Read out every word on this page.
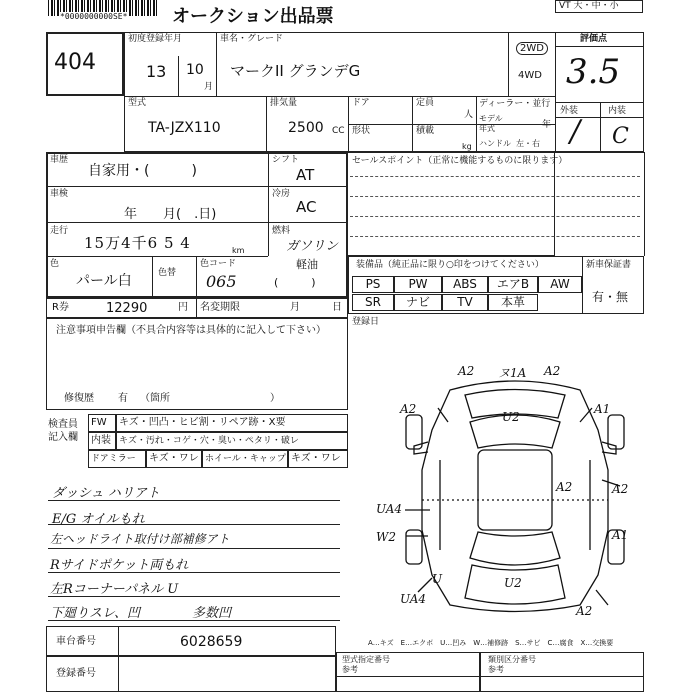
*0000000000SE* オークション出品票	VT 大・中・小
404
初度登録年月
13 10
月
車名・グレード
マークII グランデG
2WD
4WD
評価点
3.5
外装	内装
/ C
型式
TA-JZX110
排気量
2500 CC
ドア
形状
定員
人
積載
kg
ディーラー・並行
モデル年式	年
ハンドル 左・右
車歴
自家用・(　　　)
シフト
AT
車検
年　　月(　.日)
冷房
AC
走行
15万4千6 5 4	km
燃料
ガソリン
軽油
(　　　)
色
パール白	色替
色コード
065
R券	12290	円 名変期限	月	日
セールスポイント（正常に機能するものに限ります）
装備品（純正品に限り○印をつけてください）	新車保証書
PS	PW	ABS	エアB	AW
SR	ナビ	TV	本革	有・無
登録日
注意事項申告欄（不具合内容等は具体的に記入して下さい）
修復歴 有 （箇所　　　　　　　　　　）
検査員記入欄
FW	キズ・凹凸・ヒビ割・リペア跡・X要
内装 キズ・汚れ・コゲ・穴・臭い・ペタリ・破レ
ドアミラー	キズ・ワレ ホイール・キャップ キズ・ワレ
ダッシュ ハリアト
E/G オイルもれ
左ヘッドライト取付け部補修アト
Rサイドポケット両もれ
左Rコーナーパネル U
下廻りスレ、凹　　　　多数凹
A2 ヌ1A A2
A1
A2
U2
A2
A2
UA4
W2	A1
U2
UA4
A2
U
A…キズ　E…エクボ　U…凹み　W…補修跡　S…サビ　C…腐食　X…交換要
車台番号	6028659
登録番号
型式指定番号
参考
類別区分番号
参考
